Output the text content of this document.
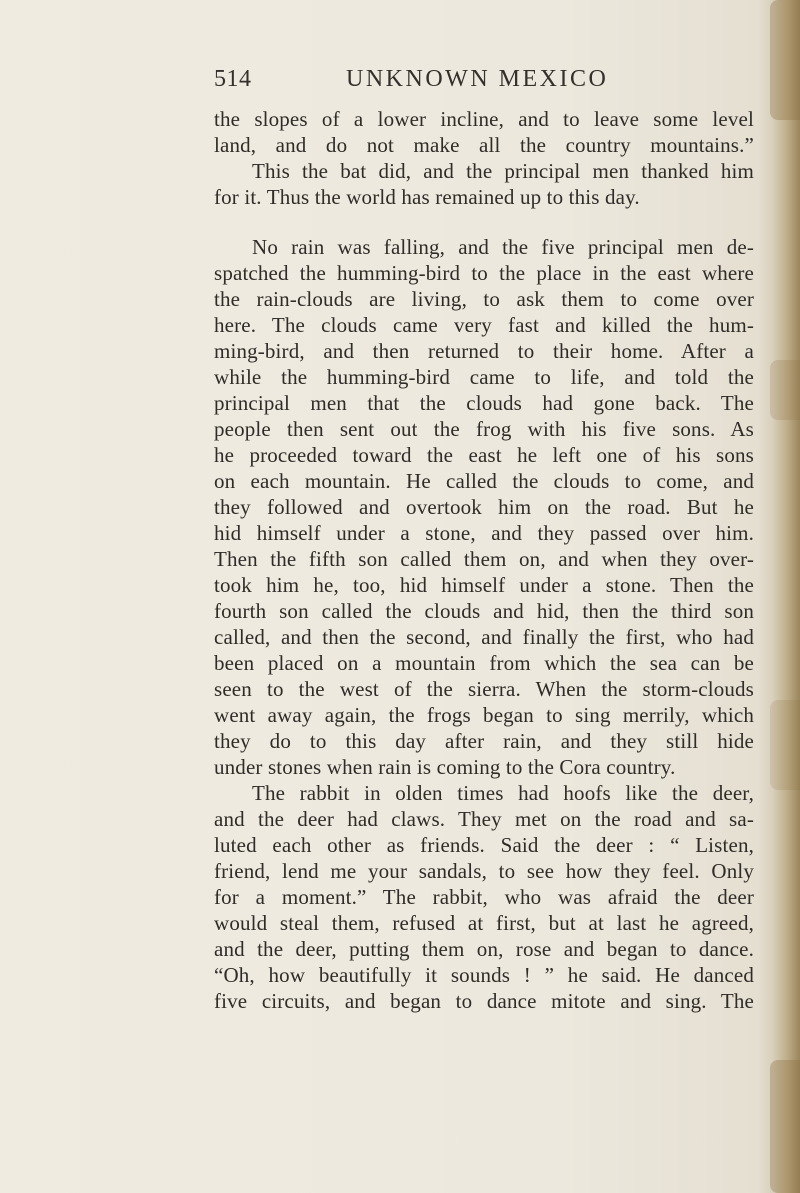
514	UNKNOWN MEXICO
the slopes of a lower incline, and to leave some level
land, and do not make all the country mountains.”
This the bat did, and the principal men thanked him
for it. Thus the world has remained up to this day.
No rain was falling, and the five principal men de-
spatched the humming-bird to the place in the east where
the rain-clouds are living, to ask them to come over
here. The clouds came very fast and killed the hum-
ming-bird, and then returned to their home. After a
while the humming-bird came to life, and told the
principal men that the clouds had gone back. The
people then sent out the frog with his five sons. As
he proceeded toward the east he left one of his sons
on each mountain. He called the clouds to come, and
they followed and overtook him on the road. But he
hid himself under a stone, and they passed over him.
Then the fifth son called them on, and when they over-
took him he, too, hid himself under a stone. Then the
fourth son called the clouds and hid, then the third son
called, and then the second, and finally the first, who had
been placed on a mountain from which the sea can be
seen to the west of the sierra. When the storm-clouds
went away again, the frogs began to sing merrily, which
they do to this day after rain, and they still hide
under stones when rain is coming to the Cora country.
The rabbit in olden times had hoofs like the deer,
and the deer had claws. They met on the road and sa-
luted each other as friends. Said the deer : “ Listen,
friend, lend me your sandals, to see how they feel. Only
for a moment.” The rabbit, who was afraid the deer
would steal them, refused at first, but at last he agreed,
and the deer, putting them on, rose and began to dance.
“Oh, how beautifully it sounds ! ” he said. He danced
five circuits, and began to dance mitote and sing. The
